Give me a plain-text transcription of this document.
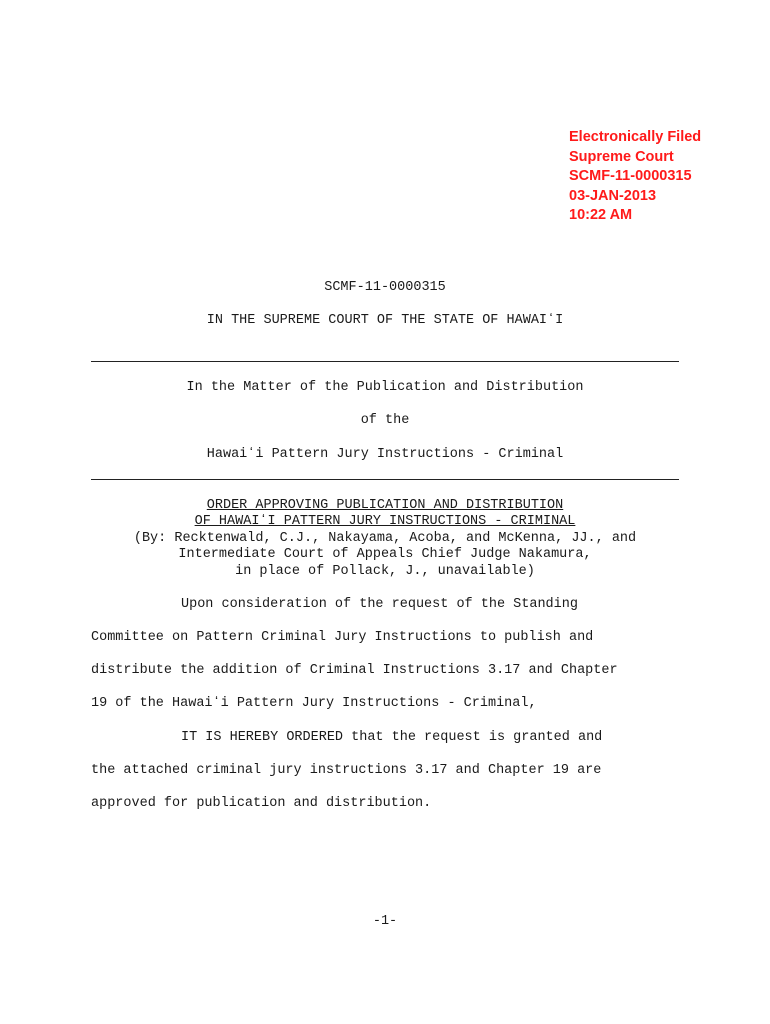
Electronically Filed
Supreme Court
SCMF-11-0000315
03-JAN-2013
10:22 AM
SCMF-11-0000315
IN THE SUPREME COURT OF THE STATE OF HAWAIʻI
In the Matter of the Publication and Distribution
of the
Hawaiʻi Pattern Jury Instructions - Criminal
ORDER APPROVING PUBLICATION AND DISTRIBUTION
OF HAWAIʻI PATTERN JURY INSTRUCTIONS - CRIMINAL
(By: Recktenwald, C.J., Nakayama, Acoba, and McKenna, JJ., and
Intermediate Court of Appeals Chief Judge Nakamura,
in place of Pollack, J., unavailable)
Upon consideration of the request of the Standing
Committee on Pattern Criminal Jury Instructions to publish and
distribute the addition of Criminal Instructions 3.17 and Chapter
19 of the Hawaiʻi Pattern Jury Instructions - Criminal,
IT IS HEREBY ORDERED that the request is granted and
the attached criminal jury instructions 3.17 and Chapter 19 are
approved for publication and distribution.
-1-
